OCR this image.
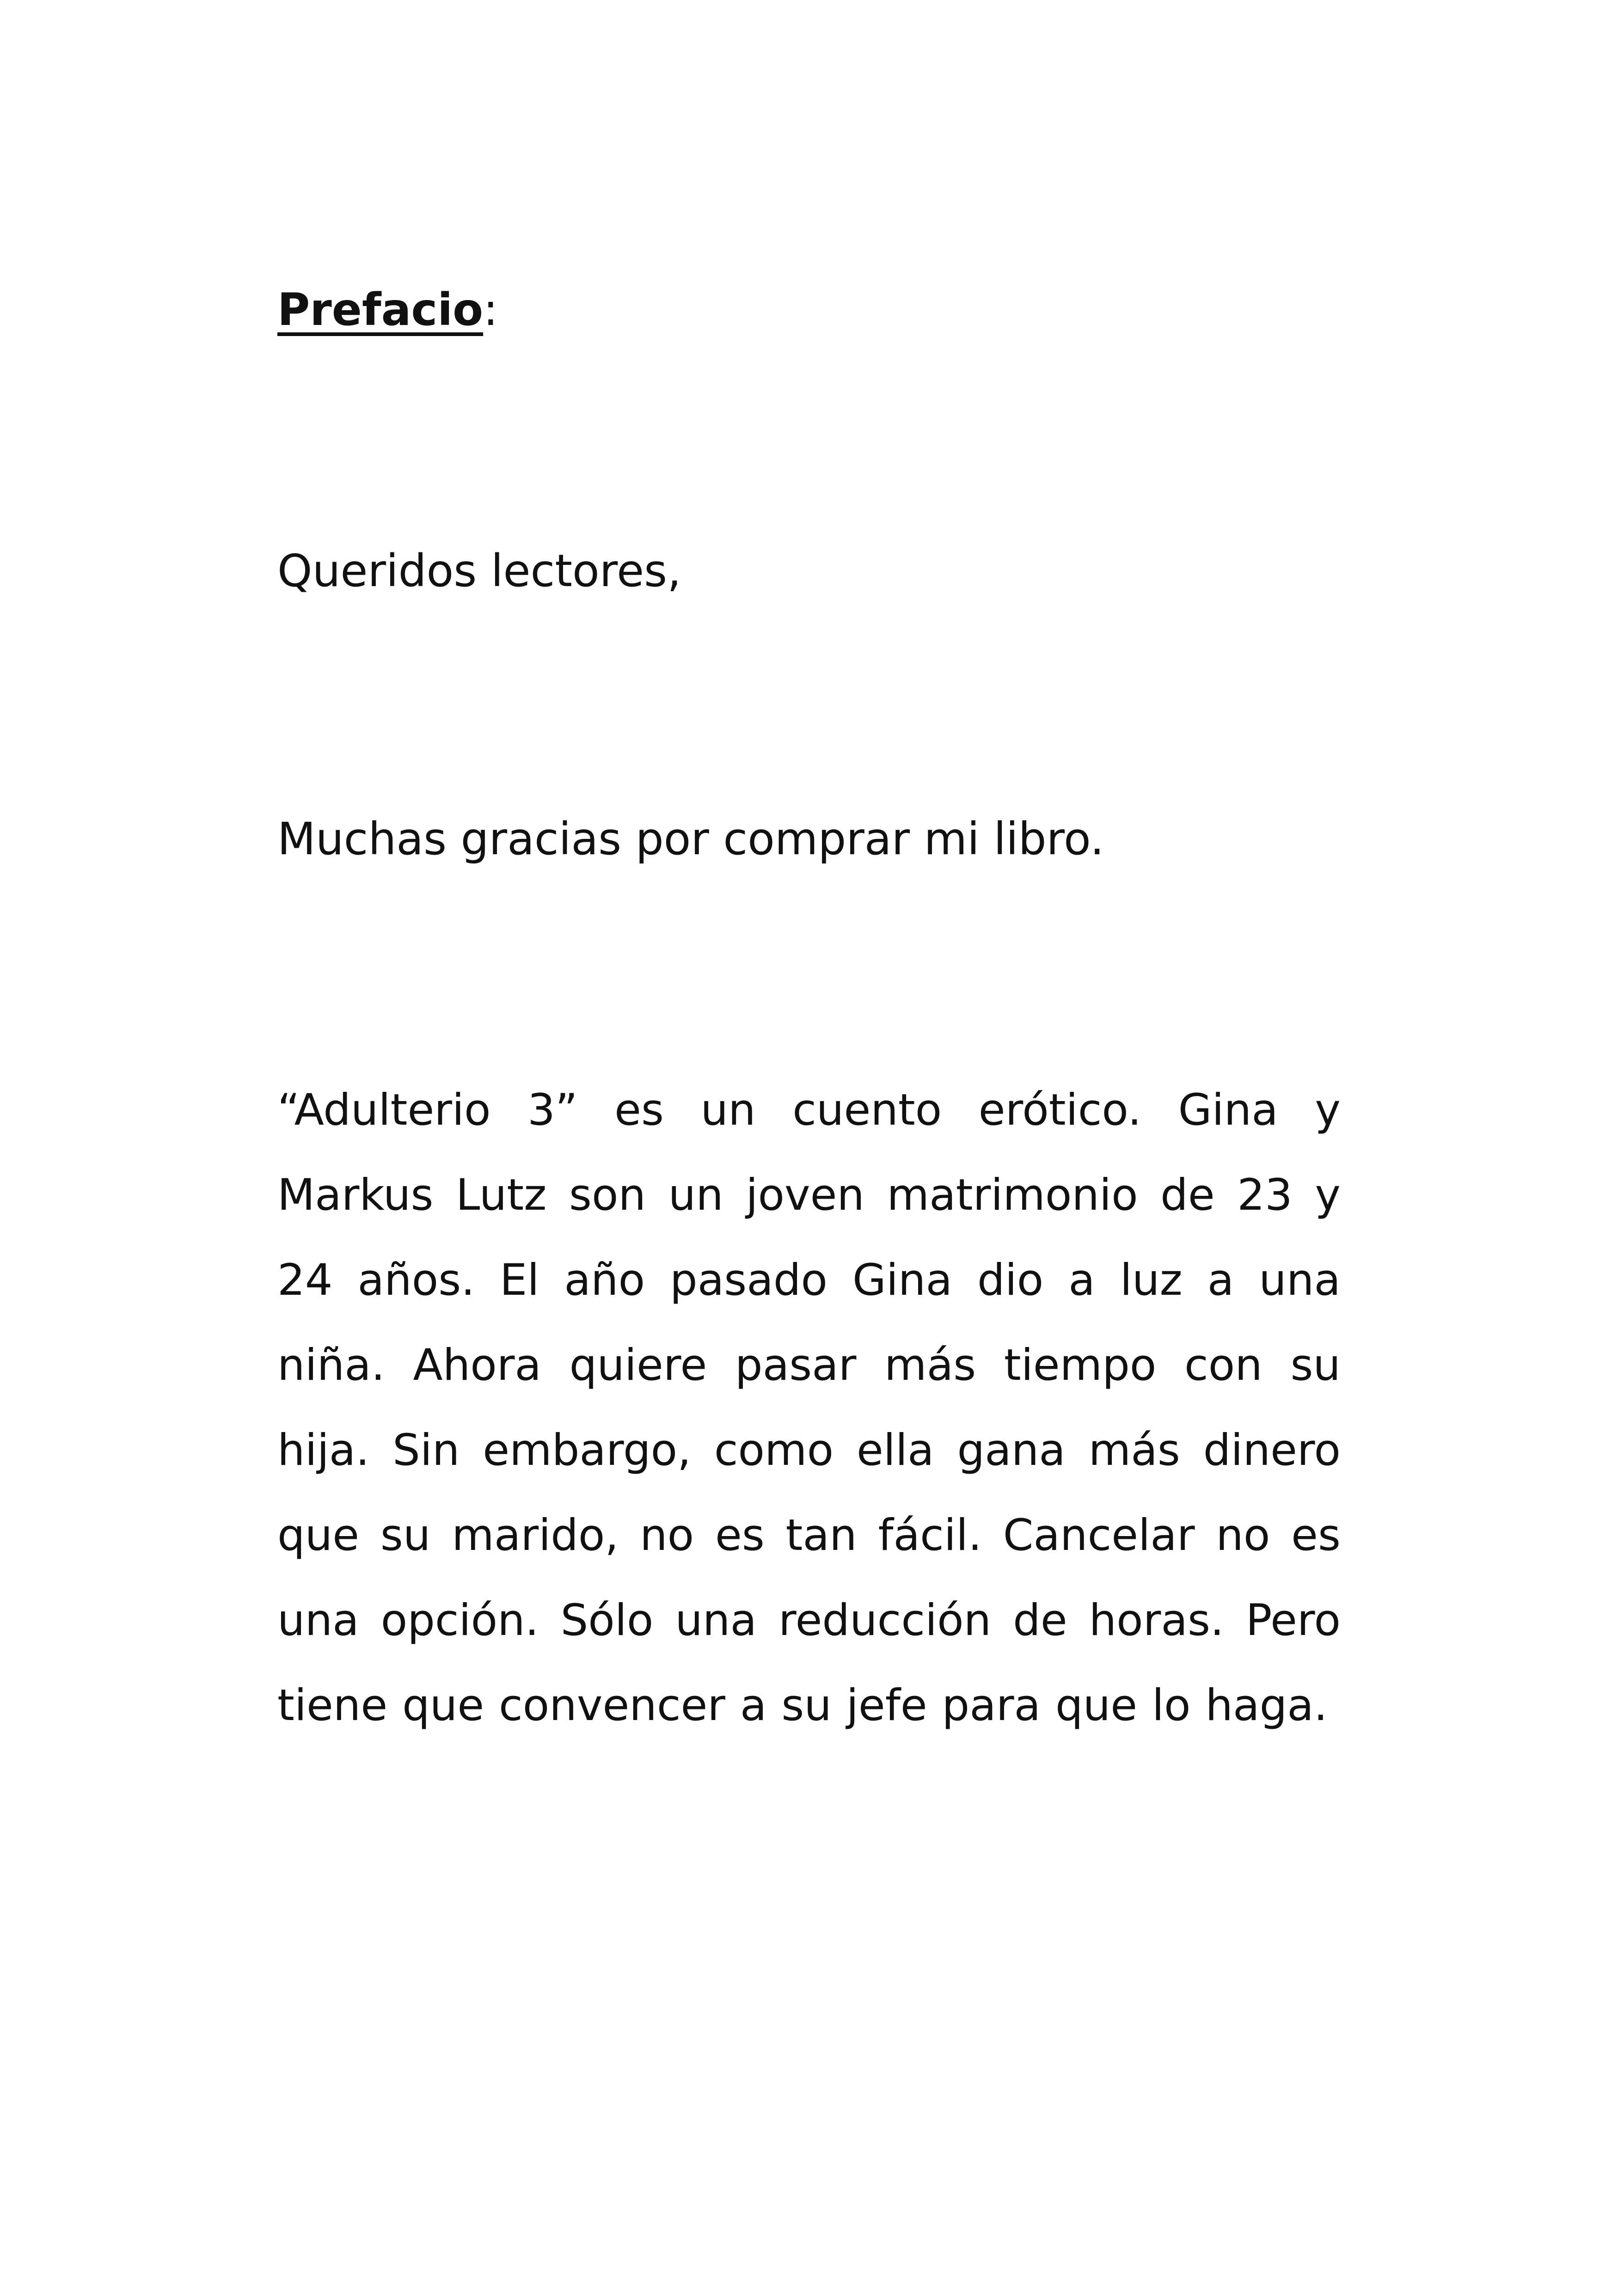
Prefacio:

Queridos lectores,

Muchas gracias por comprar mi libro.

“Adulterio 3” es un cuento erótico. Gina y Markus Lutz son un joven matrimonio de 23 y 24 años. El año pasado Gina dio a luz a una niña. Ahora quiere pasar más tiempo con su hija. Sin embargo, como ella gana más dinero que su marido, no es tan fácil. Cancelar no es una opción. Sólo una reducción de horas. Pero tiene que convencer a su jefe para que lo haga.
